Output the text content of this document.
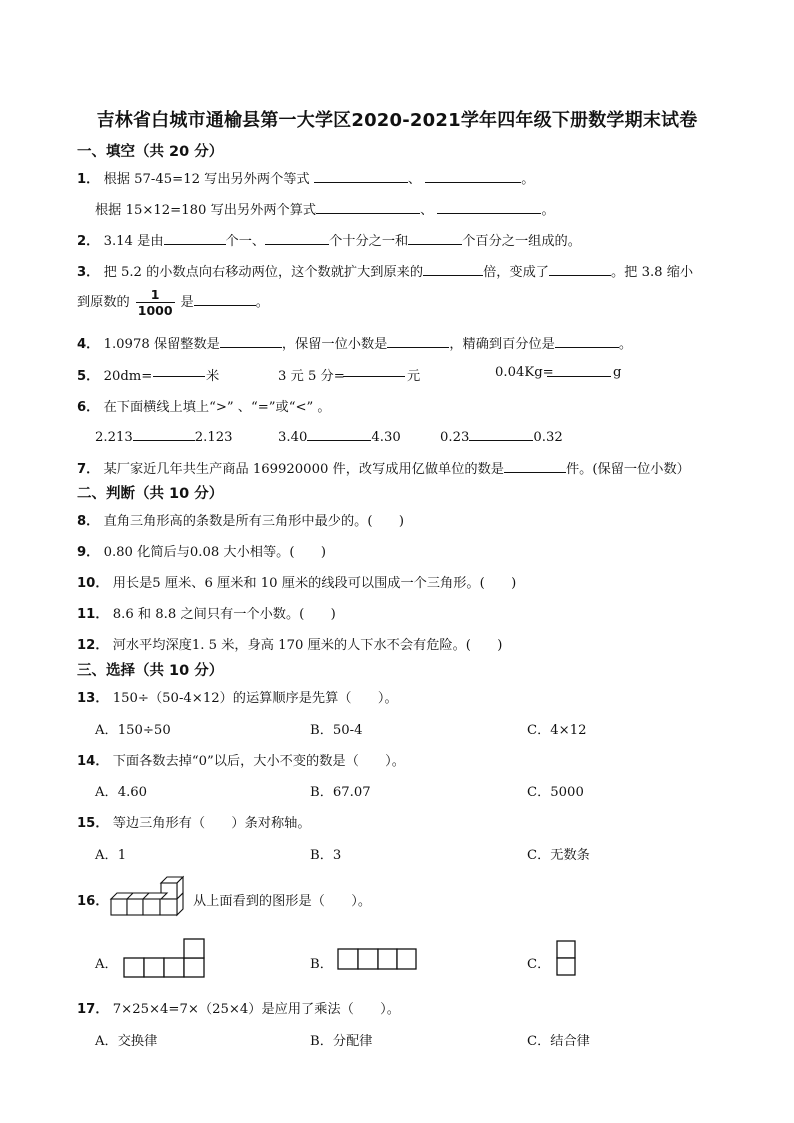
吉林省白城市通榆县第一大学区2020-2021学年四年级下册数学期末试卷
一、填空（共 20 分）
1． 根据 57-45=12 写出另外两个等式	、	。
根据 15×12=180 写出另外两个算式	、	。
2． 3.14 是由	个一、	个十分之一和	个百分之一组成的。
3． 把 5.2 的小数点向右移动两位，这个数就扩大到原来的	倍，变成了	。把 3.8 缩小
到原数的 $\frac{1}{1000}$ 是	。
4． 1.0978 保留整数是	，保留一位小数是	，精确到百分位是	。
5． 20dm=	米	3 元 5 分=	元	0.04Kg=	g
6． 在下面横线上填上“>” 、“=”或“<” 。
2.213	2.123	3.40	4.30	0.23	0.32
7． 某厂家近几年共生产商品 169920000 件，改写成用亿做单位的数是	件。(保留一位小数）
二、判断（共 10 分）
8． 直角三角形高的条数是所有三角形中最少的。(　　)
9． 0.80 化简后与0.08 大小相等。(　　)
10． 用长是5 厘米、6 厘米和 10 厘米的线段可以围成一个三角形。(　　)
11． 8.6 和 8.8 之间只有一个小数。(　　)
12． 河水平均深度1. 5 米，身高 170 厘米的人下水不会有危险。(　　)
三、选择（共 10 分）
13． 150÷（50-4×12）的运算顺序是先算（　　）。
A．150÷50	B．50-4	C．4×12
14． 下面各数去掉“0”以后，大小不变的数是（　　）。
A．4.60	B．67.07	C．5000
15． 等边三角形有（　　）条对称轴。
A．1	B．3	C．无数条
16．	从上面看到的图形是（　　）。
A．	B．	C．
17． 7×25×4=7×（25×4）是应用了乘法（　　）。
A．交换律	B．分配律	C．结合律
